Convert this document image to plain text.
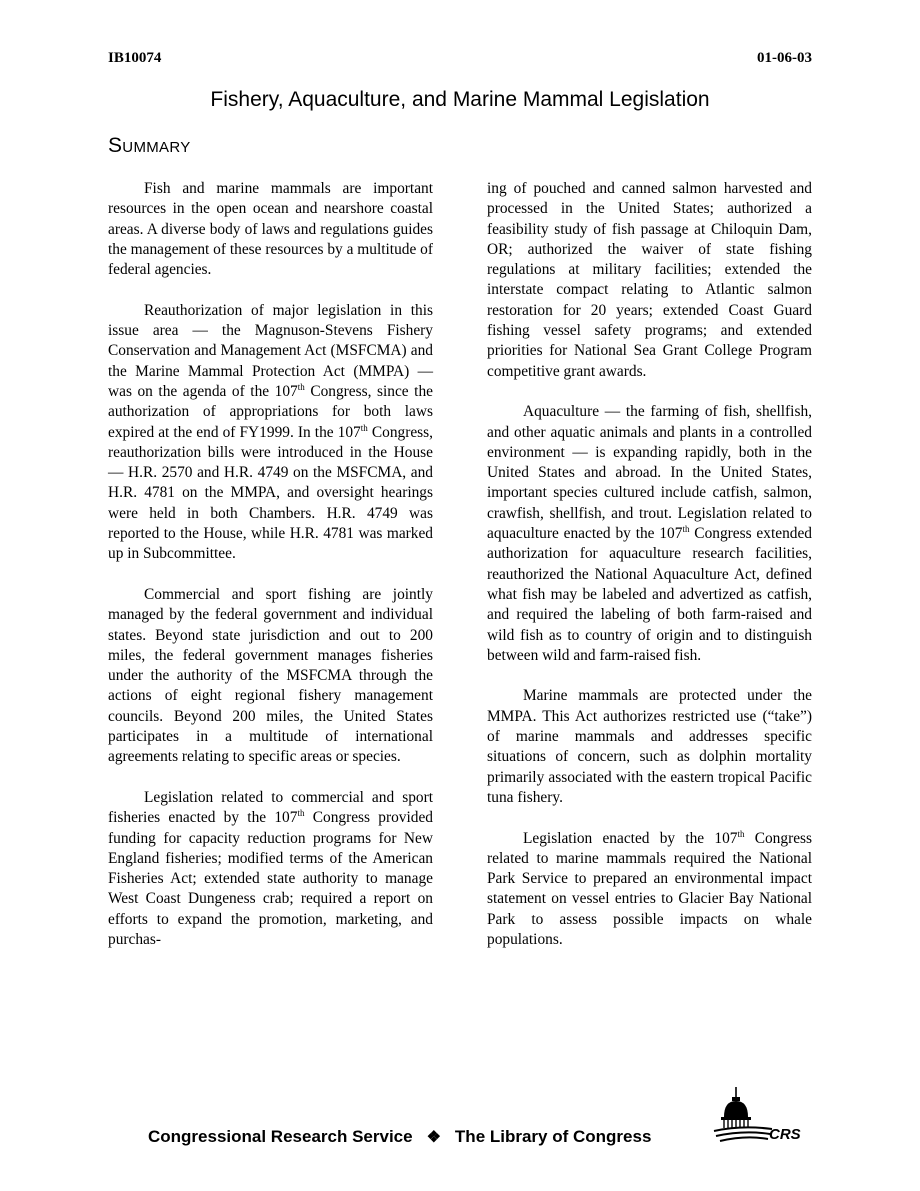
IB10074	01-06-03
Fishery, Aquaculture, and Marine Mammal Legislation
Summary

Fish and marine mammals are important resources in the open ocean and nearshore coastal areas. A diverse body of laws and regulations guides the management of these resources by a multitude of federal agencies.

Reauthorization of major legislation in this issue area — the Magnuson-Stevens Fishery Conservation and Management Act (MSFCMA) and the Marine Mammal Protection Act (MMPA) — was on the agenda of the 107th Congress, since the authorization of appropriations for both laws expired at the end of FY1999. In the 107th Congress, reauthorization bills were introduced in the House — H.R. 2570 and H.R. 4749 on the MSFCMA, and H.R. 4781 on the MMPA, and oversight hearings were held in both Chambers. H.R. 4749 was reported to the House, while H.R. 4781 was marked up in Subcommittee.

Commercial and sport fishing are jointly managed by the federal government and individual states. Beyond state jurisdiction and out to 200 miles, the federal government manages fisheries under the authority of the MSFCMA through the actions of eight regional fishery management councils. Beyond 200 miles, the United States participates in a multitude of international agreements relating to specific areas or species.

Legislation related to commercial and sport fisheries enacted by the 107th Congress provided funding for capacity reduction programs for New England fisheries; modified terms of the American Fisheries Act; extended state authority to manage West Coast Dungeness crab; required a report on efforts to expand the promotion, marketing, and purchas-

ing of pouched and canned salmon harvested and processed in the United States; authorized a feasibility study of fish passage at Chiloquin Dam, OR; authorized the waiver of state fishing regulations at military facilities; extended the interstate compact relating to Atlantic salmon restoration for 20 years; extended Coast Guard fishing vessel safety programs; and extended priorities for National Sea Grant College Program competitive grant awards.

Aquaculture — the farming of fish, shellfish, and other aquatic animals and plants in a controlled environment — is expanding rapidly, both in the United States and abroad. In the United States, important species cultured include catfish, salmon, crawfish, shellfish, and trout. Legislation related to aquaculture enacted by the 107th Congress extended authorization for aquaculture research facilities, reauthorized the National Aquaculture Act, defined what fish may be labeled and advertized as catfish, and required the labeling of both farm-raised and wild fish as to country of origin and to distinguish between wild and farm-raised fish.

Marine mammals are protected under the MMPA. This Act authorizes restricted use (“take”) of marine mammals and addresses specific situations of concern, such as dolphin mortality primarily associated with the eastern tropical Pacific tuna fishery.

Legislation enacted by the 107th Congress related to marine mammals required the National Park Service to prepared an environmental impact statement on vessel entries to Glacier Bay National Park to assess possible impacts on whale populations.

Congressional Research Service ❖ The Library of Congress	CRS
